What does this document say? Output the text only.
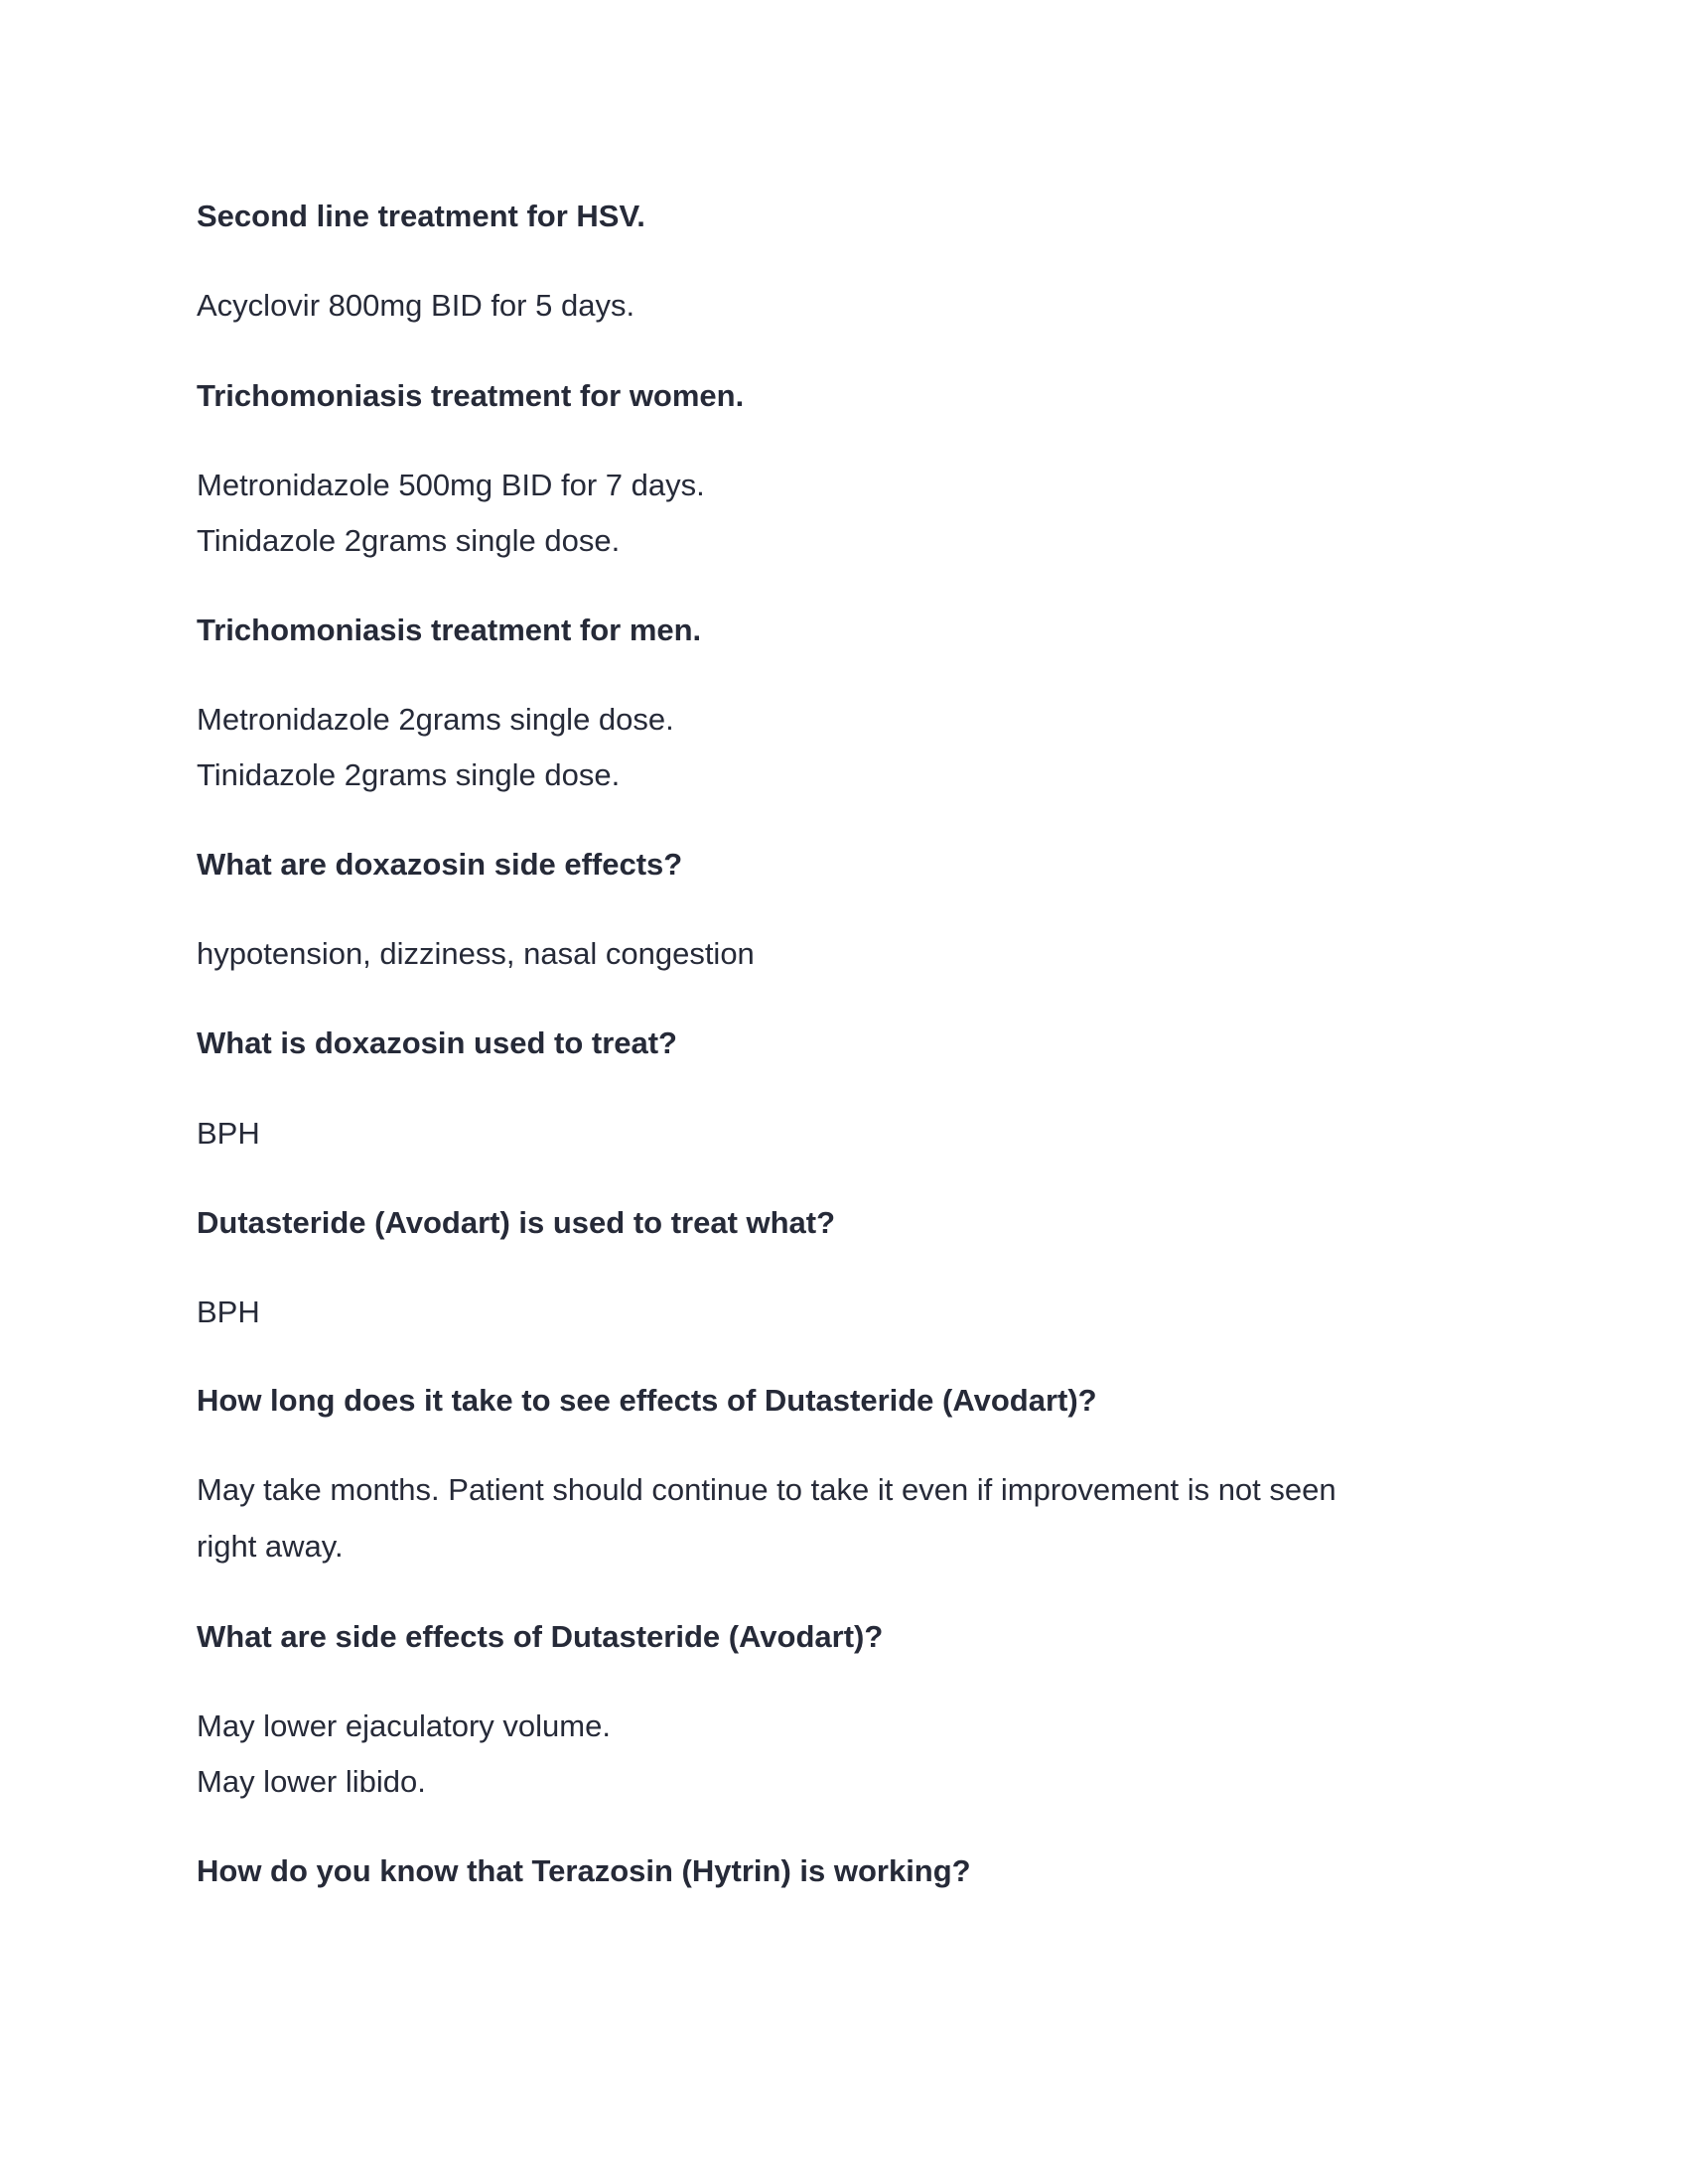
Second line treatment for HSV.
Acyclovir 800mg BID for 5 days.
Trichomoniasis treatment for women.
Metronidazole 500mg BID for 7 days.
Tinidazole 2grams single dose.
Trichomoniasis treatment for men.
Metronidazole 2grams single dose.
Tinidazole 2grams single dose.
What are doxazosin side effects?
hypotension, dizziness, nasal congestion
What is doxazosin used to treat?
BPH
Dutasteride (Avodart) is used to treat what?
BPH
How long does it take to see effects of Dutasteride (Avodart)?
May take months. Patient should continue to take it even if improvement is not seen
right away.
What are side effects of Dutasteride (Avodart)?
May lower ejaculatory volume.
May lower libido.
How do you know that Terazosin (Hytrin) is working?
